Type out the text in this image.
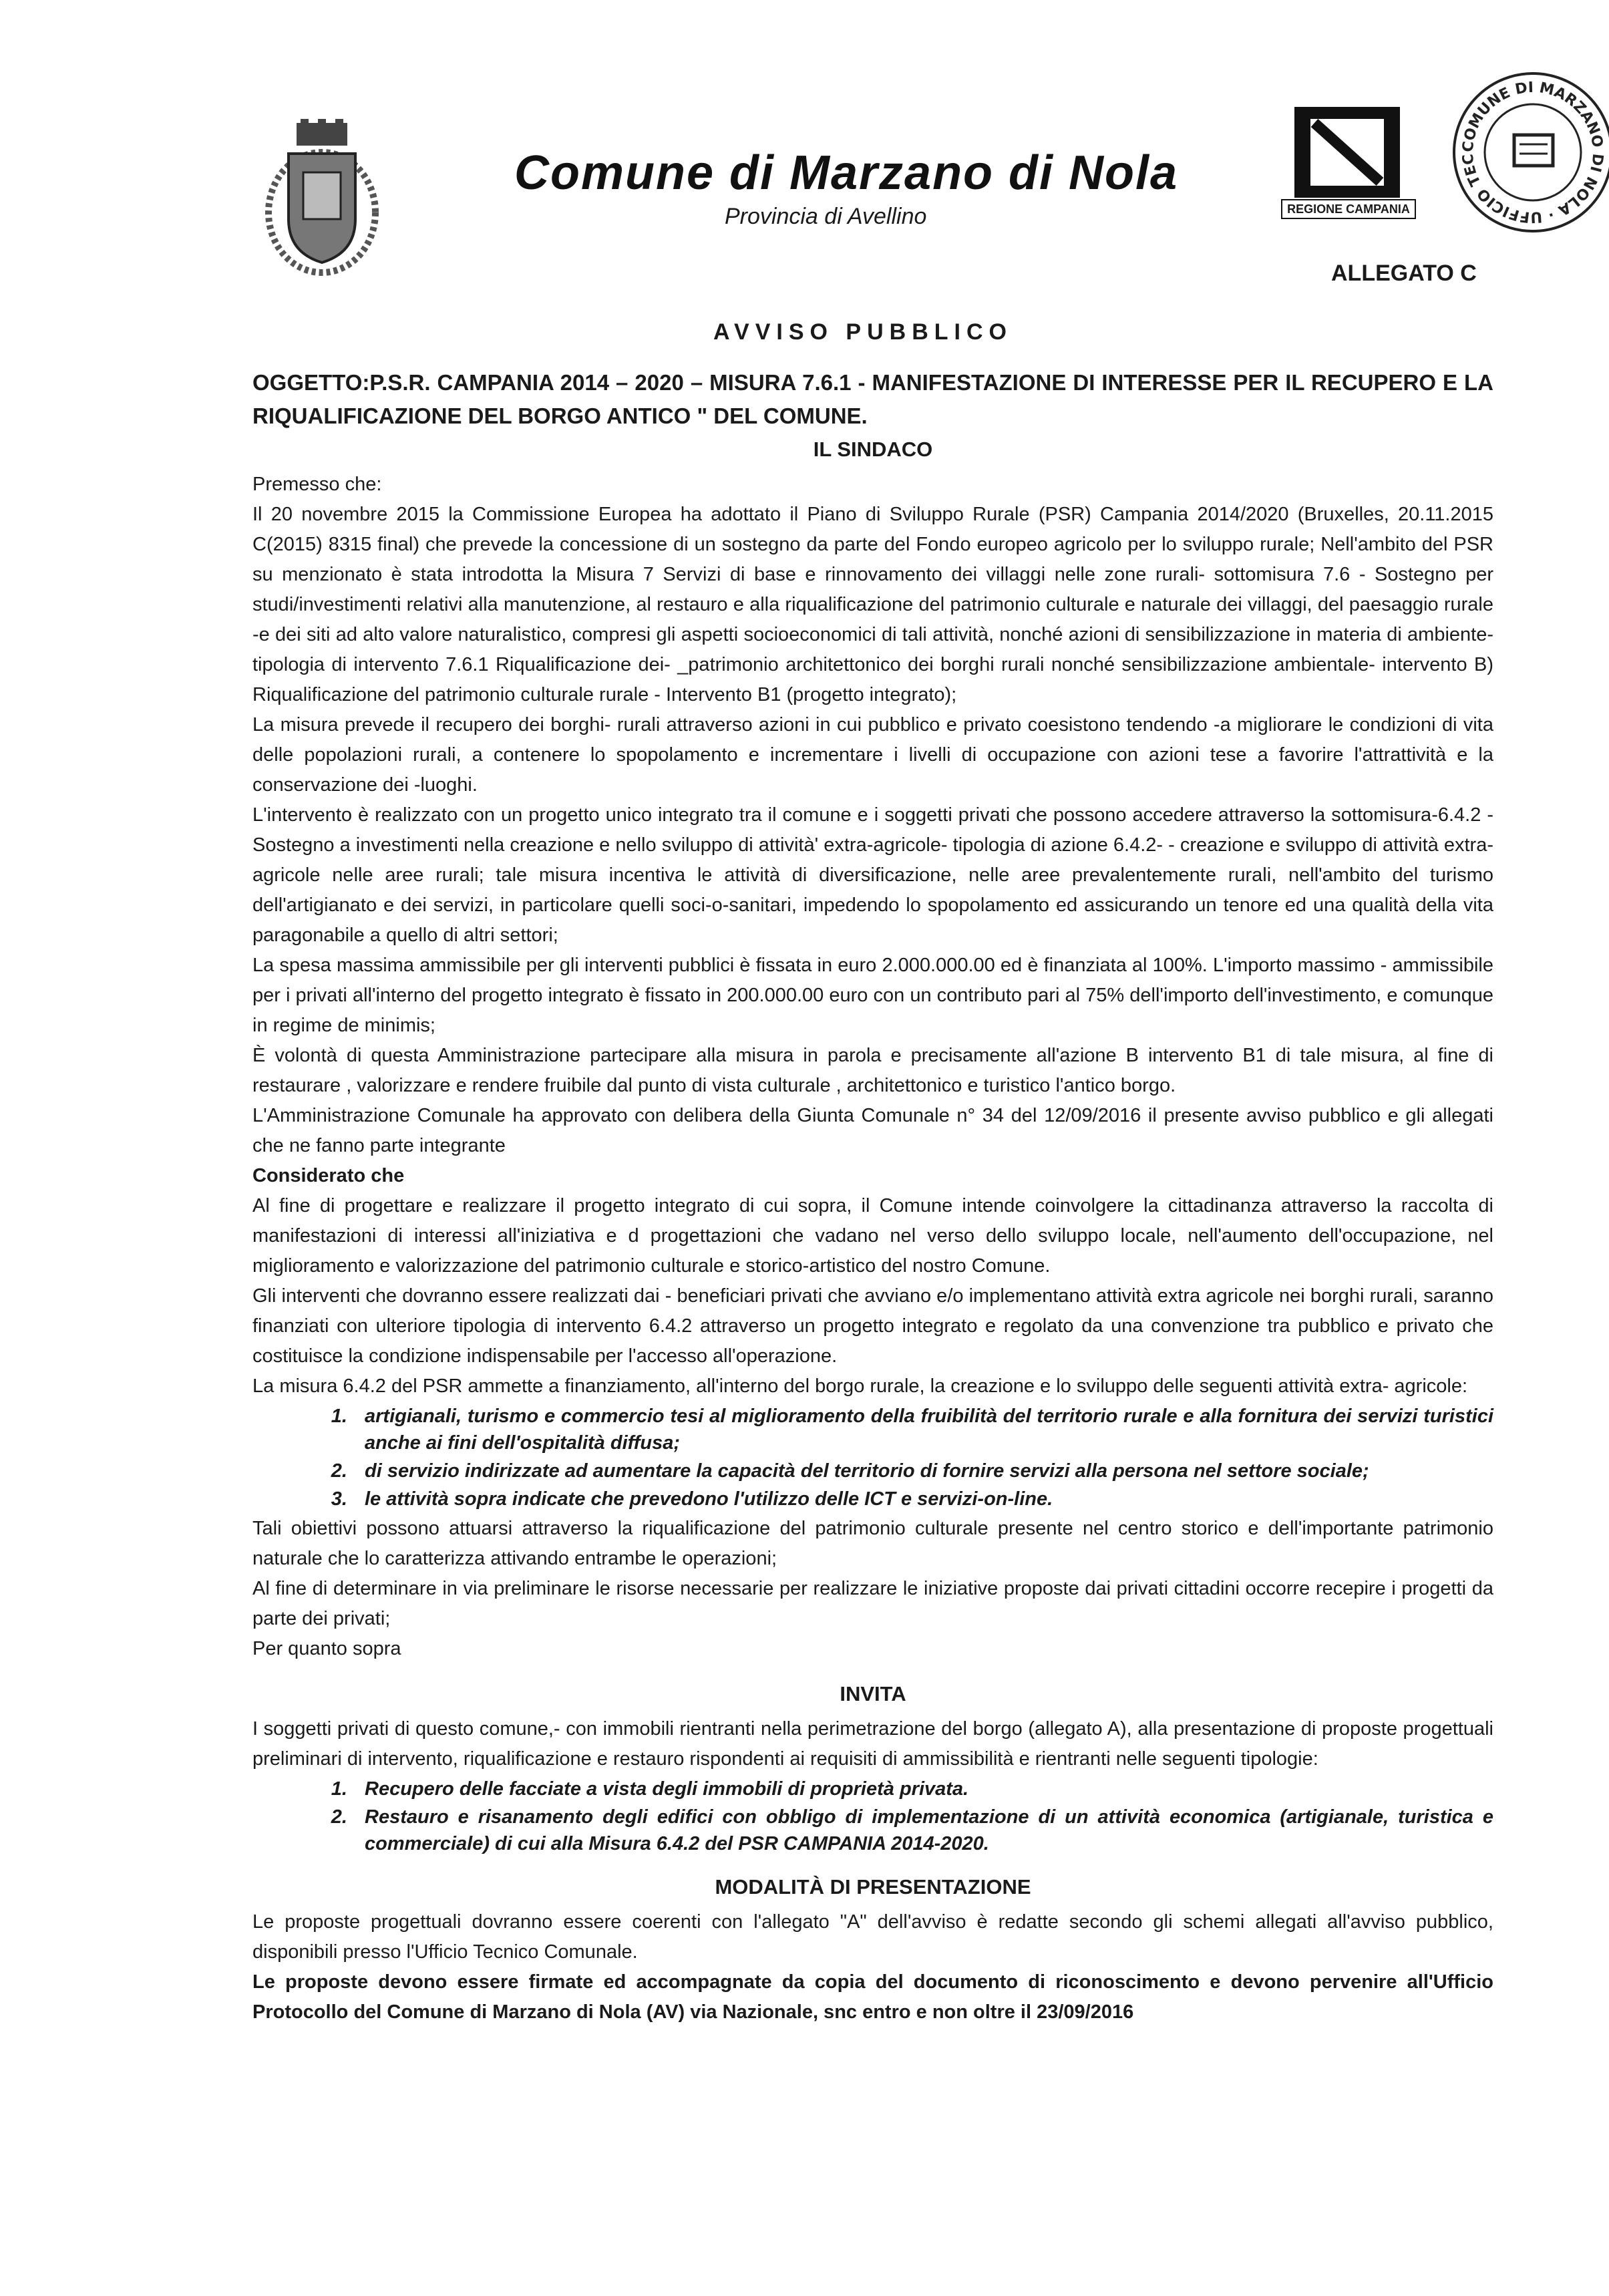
Comune di Marzano di Nola
Provincia di Avellino	REGIONE CAMPANIA
COMUNE DI MARZANO DI NOLA · UFFICIO TEC
ALLEGATO C
AVVISO PUBBLICO
OGGETTO:P.S.R. CAMPANIA 2014 – 2020 – MISURA 7.6.1 - MANIFESTAZIONE DI INTERESSE PER IL RECUPERO E LA RIQUALIFICAZIONE DEL BORGO ANTICO " DEL COMUNE.
IL SINDACO

Premesso che:

Il 20 novembre 2015 la Commissione Europea ha adottato il Piano di Sviluppo Rurale (PSR) Campania 2014/2020 (Bruxelles, 20.11.2015 C(2015) 8315 final) che prevede la concessione di un sostegno da parte del Fondo europeo agricolo per lo sviluppo rurale; Nell'ambito del PSR su menzionato è stata introdotta la Misura 7 Servizi di base e rinnovamento dei villaggi nelle zone rurali- sottomisura 7.6 - Sostegno per studi/investimenti relativi alla manutenzione, al restauro e alla riqualificazione del patrimonio culturale e naturale dei villaggi, del paesaggio rurale -e dei siti ad alto valore naturalistico, compresi gli aspetti socioeconomici di tali attività, nonché azioni di sensibilizzazione in materia di ambiente- tipologia di intervento 7.6.1 Riqualificazione dei- _patrimonio architettonico dei borghi rurali nonché sensibilizzazione ambientale- intervento B) Riqualificazione del patrimonio culturale rurale - Intervento B1 (progetto integrato);

La misura prevede il recupero dei borghi- rurali attraverso azioni in cui pubblico e privato coesistono tendendo -a migliorare le condizioni di vita delle popolazioni rurali, a contenere lo spopolamento e incrementare i livelli di occupazione con azioni tese a favorire l'attrattività e la conservazione dei -luoghi.

L'intervento è realizzato con un progetto unico integrato tra il comune e i soggetti privati che possono accedere attraverso la sottomisura-6.4.2 - Sostegno a investimenti nella creazione e nello sviluppo di attività' extra-agricole- tipologia di azione 6.4.2- - creazione e sviluppo di attività extra- agricole nelle aree rurali; tale misura incentiva le attività di diversificazione, nelle aree prevalentemente rurali, nell'ambito del turismo dell'artigianato e dei servizi, in particolare quelli soci-o-sanitari, impedendo lo spopolamento ed assicurando un tenore ed una qualità della vita paragonabile a quello di altri settori;

La spesa massima ammissibile per gli interventi pubblici è fissata in euro 2.000.000.00 ed è finanziata al 100%. L'importo massimo - ammissibile per i privati all'interno del progetto integrato è fissato in 200.000.00 euro con un contributo pari al 75% dell'importo dell'investimento, e comunque in regime de minimis;

È volontà di questa Amministrazione partecipare alla misura in parola e precisamente all'azione B intervento B1 di tale misura, al fine di restaurare , valorizzare e rendere fruibile dal punto di vista culturale , architettonico e turistico l'antico borgo.

L'Amministrazione Comunale ha approvato con delibera della Giunta Comunale n° 34 del 12/09/2016 il presente avviso pubblico e gli allegati che ne fanno parte integrante

Considerato che

Al fine di progettare e realizzare il progetto integrato di cui sopra, il Comune intende coinvolgere la cittadinanza attraverso la raccolta di manifestazioni di interessi all'iniziativa e d progettazioni che vadano nel verso dello sviluppo locale, nell'aumento dell'occupazione, nel miglioramento e valorizzazione del patrimonio culturale e storico-artistico del nostro Comune.

Gli interventi che dovranno essere realizzati dai - beneficiari privati che avviano e/o implementano attività extra agricole nei borghi rurali, saranno finanziati con ulteriore tipologia di intervento 6.4.2 attraverso un progetto integrato e regolato da una convenzione tra pubblico e privato che costituisce la condizione indispensabile per l'accesso all'operazione.

La misura 6.4.2 del PSR ammette a finanziamento, all'interno del borgo rurale, la creazione e lo sviluppo delle seguenti attività extra- agricole:

1. artigianali, turismo e commercio tesi al miglioramento della fruibilità del territorio rurale e alla fornitura dei servizi turistici anche ai fini dell'ospitalità diffusa;
2. di servizio indirizzate ad aumentare la capacità del territorio di fornire servizi alla persona nel settore sociale;
3. le attività sopra indicate che prevedono l'utilizzo delle ICT e servizi-on-line.

Tali obiettivi possono attuarsi attraverso la riqualificazione del patrimonio culturale presente nel centro storico e dell'importante patrimonio naturale che lo caratterizza attivando entrambe le operazioni;

Al fine di determinare in via preliminare le risorse necessarie per realizzare le iniziative proposte dai privati cittadini occorre recepire i progetti da parte dei privati;

Per quanto sopra

INVITA

I soggetti privati di questo comune,- con immobili rientranti nella perimetrazione del borgo (allegato A), alla presentazione di proposte progettuali preliminari di intervento, riqualificazione e restauro rispondenti ai requisiti di ammissibilità e rientranti nelle seguenti tipologie:

1. Recupero delle facciate a vista degli immobili di proprietà privata.
2. Restauro e risanamento degli edifici con obbligo di implementazione di un attività economica (artigianale, turistica e commerciale) di cui alla Misura 6.4.2 del PSR CAMPANIA 2014-2020.
MODALITÀ DI PRESENTAZIONE

Le proposte progettuali dovranno essere coerenti con l'allegato "A" dell'avviso è redatte secondo gli schemi allegati all'avviso pubblico, disponibili presso l'Ufficio Tecnico Comunale.

Le proposte devono essere firmate ed accompagnate da copia del documento di riconoscimento e devono pervenire all'Ufficio Protocollo del Comune di Marzano di Nola (AV) via Nazionale, snc entro e non oltre il 23/09/2016
